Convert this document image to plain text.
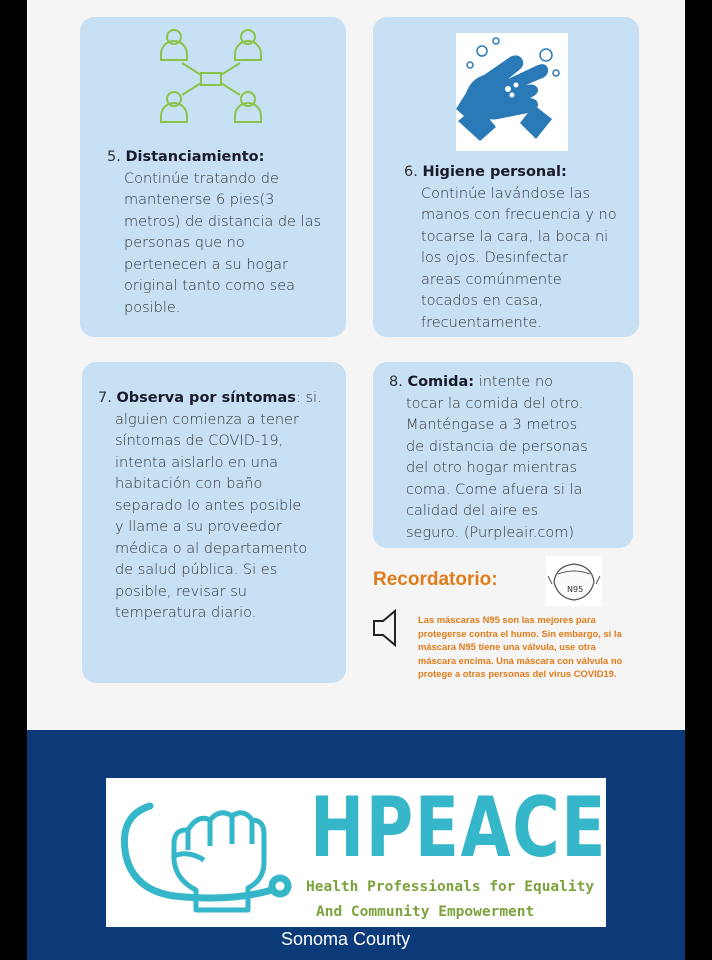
5. Distanciamiento:
Continúe tratando de
mantenerse 6 pies(3
metros) de distancia de las
personas que no
pertenecen a su hogar
original tanto como sea
posible.
6. Higiene personal:
Continúe lavándose las
manos con frecuencia y no
tocarse la cara, la boca ni
los ojos. Desinfectar
areas comúnmente
tocados en casa,
frecuentamente.
7. Observa por síntomas: si.
alguien comienza a tener
síntomas de COVID-19,
intenta aislarlo en una
habitación con baño
separado lo antes posible
y llame a su proveedor
médica o al departamento
de salud pública. Si es
posible, revisar su
temperatura diario.
8. Comida: intente no
tocar la comida del otro.
Manténgase a 3 metros
de distancia de personas
del otro hogar mientras
coma. Come afuera si la
calidad del aire es
seguro. (Purpleair.com)
Recordatorio:	N95
Las máscaras N95 son las mejores para
protegerse contra el humo. Sin embargo, si la
máscara N95 tiene una válvula, use otra
máscara encima. Una máscara con válvula no
protege a otras personas del virus COVID19.
HPEACE
Health Professionals for Equality
And Community Empowerment
Sonoma County
